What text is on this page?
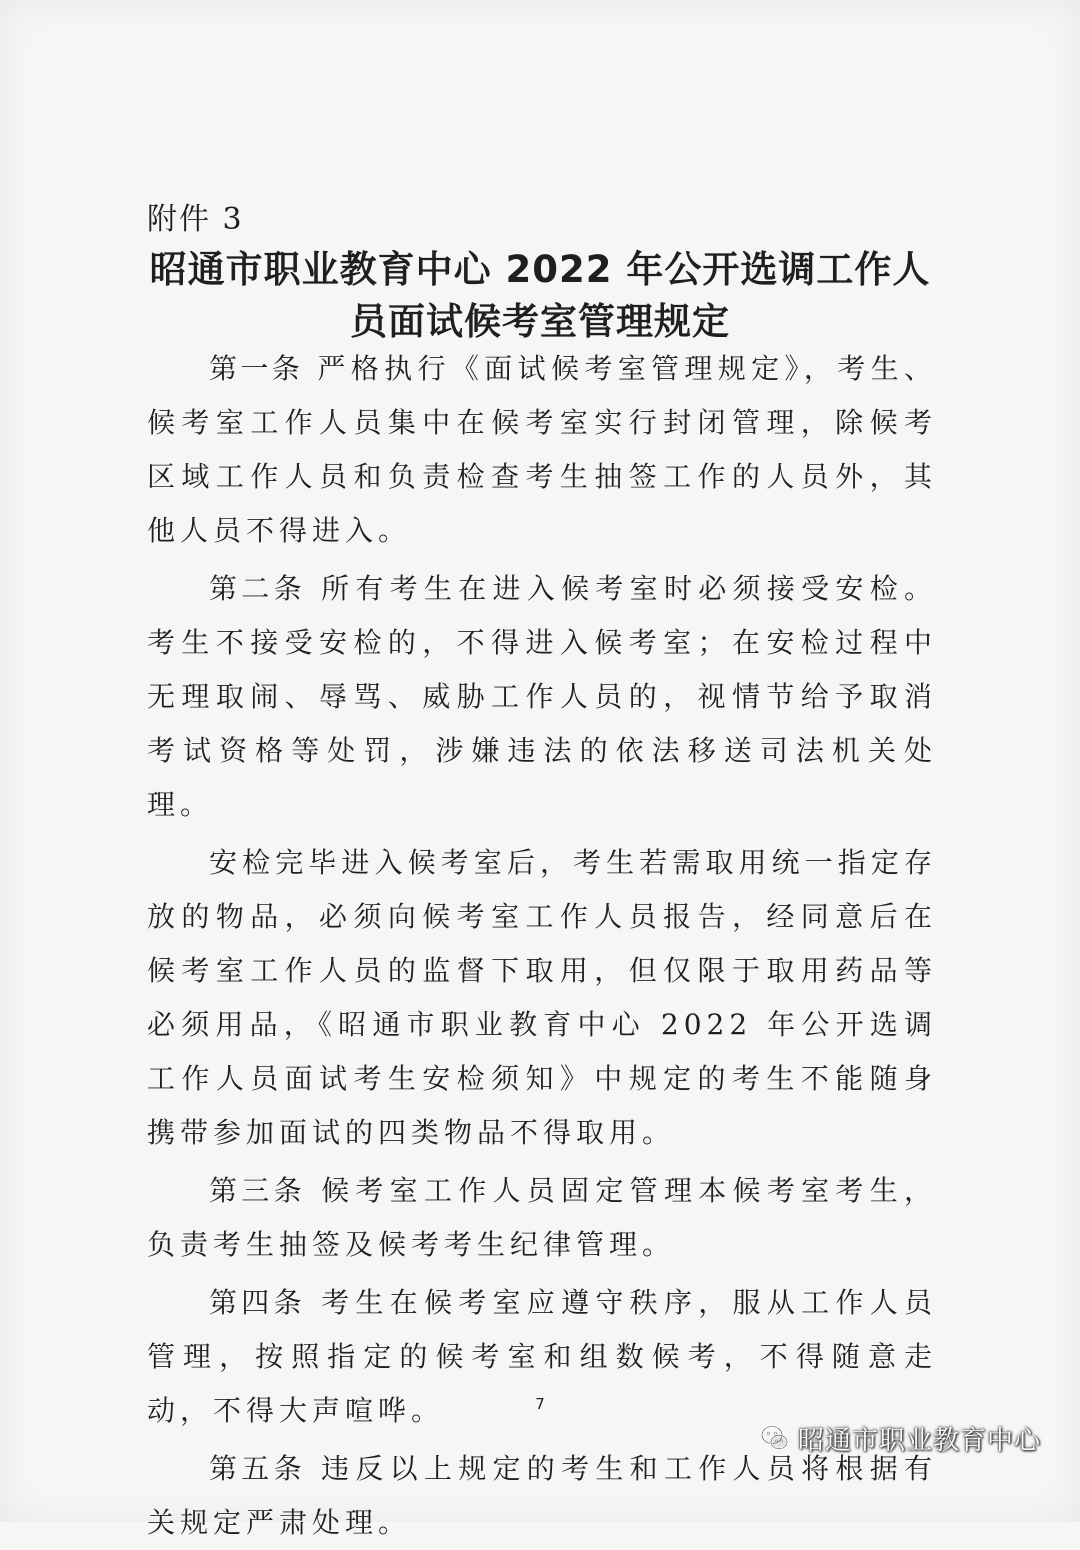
附件 3
昭通市职业教育中心 2022 年公开选调工作人
员面试候考室管理规定

第一条 严格执行《面试候考室管理规定》，考生、候考室工作人员集中在候考室实行封闭管理，除候考区域工作人员和负责检查考生抽签工作的人员外，其他人员不得进入。

第二条 所有考生在进入候考室时必须接受安检。考生不接受安检的，不得进入候考室；在安检过程中无理取闹、辱骂、威胁工作人员的，视情节给予取消考试资格等处罚，涉嫌违法的依法移送司法机关处理。

安检完毕进入候考室后，考生若需取用统一指定存放的物品，必须向候考室工作人员报告，经同意后在候考室工作人员的监督下取用，但仅限于取用药品等必须用品，《昭通市职业教育中心 2022 年公开选调工作人员面试考生安检须知》中规定的考生不能随身携带参加面试的四类物品不得取用。

第三条 候考室工作人员固定管理本候考室考生，负责考生抽签及候考考生纪律管理。

第四条 考生在候考室应遵守秩序，服从工作人员管理，按照指定的候考室和组数候考，不得随意走动，不得大声喧哗。

第五条 违反以上规定的考生和工作人员将根据有关规定严肃处理。

7
昭通市职业教育中心
